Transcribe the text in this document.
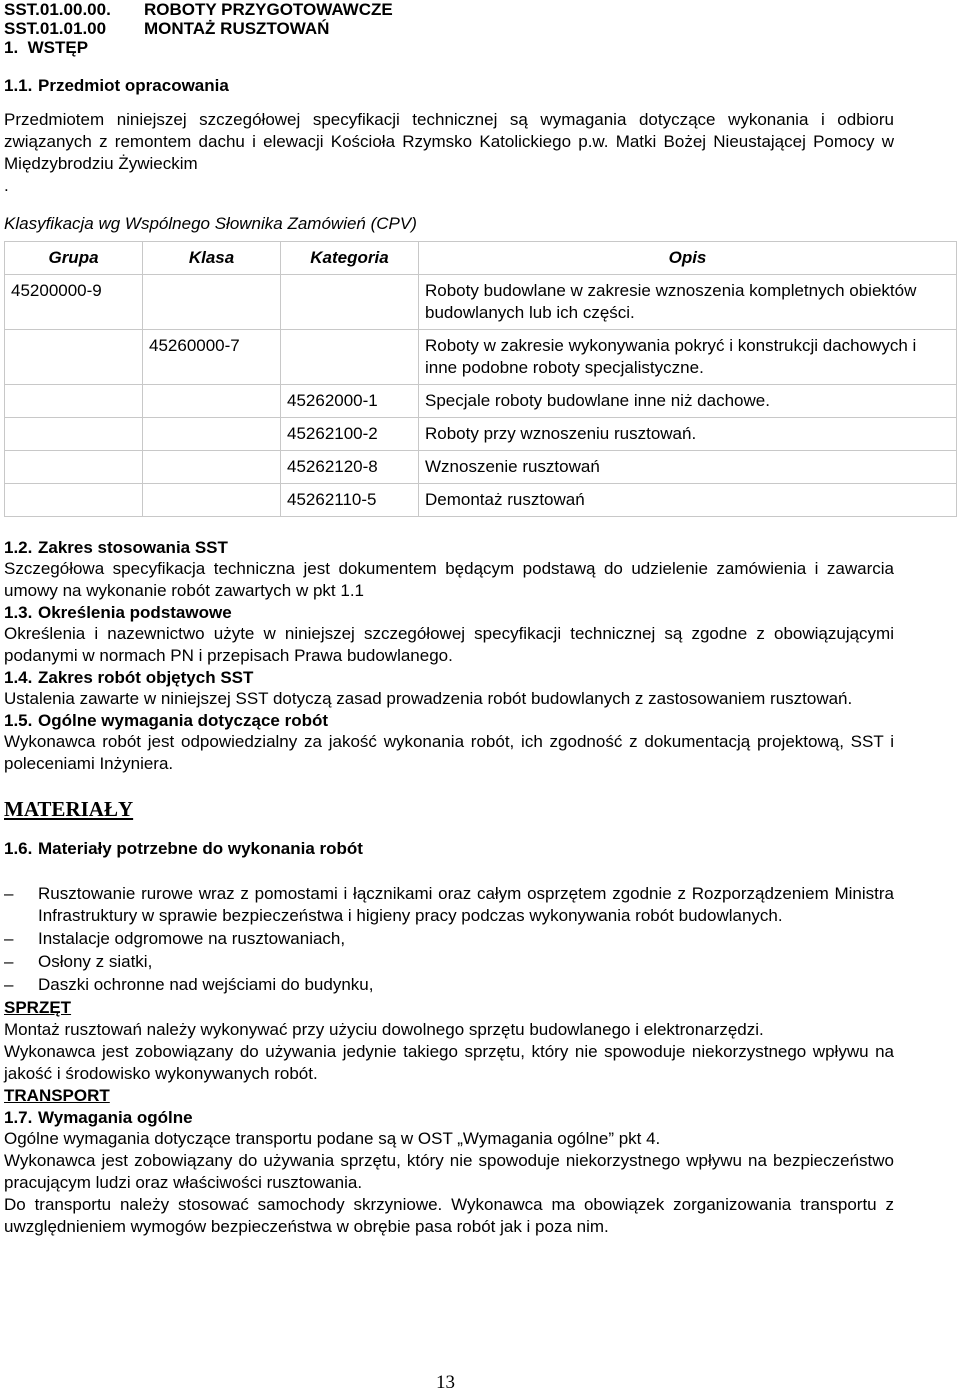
SST.01.00.00. ROBOTY PRZYGOTOWAWCZE
SST.01.01.00 MONTAŻ RUSZTOWAŃ
1.  WSTĘP
1.1. Przedmiot opracowania

Przedmiotem niniejszej szczegółowej specyfikacji technicznej są wymagania dotyczące wykonania i odbioru związanych z remontem dachu i elewacji Kościoła Rzymsko Katolickiego p.w. Matki Bożej Nieustającej Pomocy w Międzybrodziu Żywieckim

.

Klasyfikacja wg Wspólnego Słownika Zamówień (CPV)

Grupa	Klasa	Kategoria	Opis
45200000-9			Roboty budowlane w zakresie wznoszenia kompletnych obiektów budowlanych lub ich części.
	45260000-7		Roboty w zakresie wykonywania pokryć i konstrukcji dachowych i inne podobne roboty specjalistyczne.
		45262000-1	Specjale roboty budowlane inne niż dachowe.
		45262100-2	Roboty przy wznoszeniu rusztowań.
		45262120-8	Wznoszenie rusztowań
		45262110-5	Demontaż rusztowań
1.2. Zakres stosowania SST

Szczegółowa specyfikacja techniczna jest dokumentem będącym podstawą do udzielenie zamówienia i zawarcia umowy na wykonanie robót zawartych w pkt 1.1

1.3. Określenia podstawowe

Określenia i nazewnictwo użyte w niniejszej szczegółowej specyfikacji technicznej są zgodne z obowiązującymi podanymi w normach PN i przepisach Prawa budowlanego.

1.4. Zakres robót objętych SST

Ustalenia zawarte w niniejszej SST dotyczą zasad prowadzenia robót budowlanych z zastosowaniem rusztowań.

1.5. Ogólne wymagania dotyczące robót

Wykonawca robót jest odpowiedzialny za jakość wykonania robót, ich zgodność z dokumentacją projektową, SST i poleceniami Inżyniera.

MATERIAŁY
1.6. Materiały potrzebne do wykonania robót
– Rusztowanie rurowe wraz z pomostami i łącznikami oraz całym osprzętem zgodnie z Rozporządzeniem Ministra Infrastruktury w sprawie bezpieczeństwa i higieny pracy podczas wykonywania robót budowlanych.
– Instalacje odgromowe na rusztowaniach,
– Osłony z siatki,
– Daszki ochronne nad wejściami do budynku,
SPRZĘT

Montaż rusztowań należy wykonywać przy użyciu dowolnego sprzętu budowlanego i elektronarzędzi.

Wykonawca jest zobowiązany do używania jedynie takiego sprzętu, który nie spowoduje niekorzystnego wpływu na jakość i środowisko wykonywanych robót.

TRANSPORT
1.7. Wymagania ogólne

Ogólne wymagania dotyczące transportu podane są w OST „Wymagania ogólne” pkt 4.

Wykonawca jest zobowiązany do używania sprzętu, który nie spowoduje niekorzystnego wpływu na bezpieczeństwo pracującym ludzi oraz właściwości rusztowania.

Do transportu należy stosować samochody skrzyniowe. Wykonawca ma obowiązek zorganizowania transportu z uwzględnieniem wymogów bezpieczeństwa w obrębie pasa robót jak i poza nim.

13
